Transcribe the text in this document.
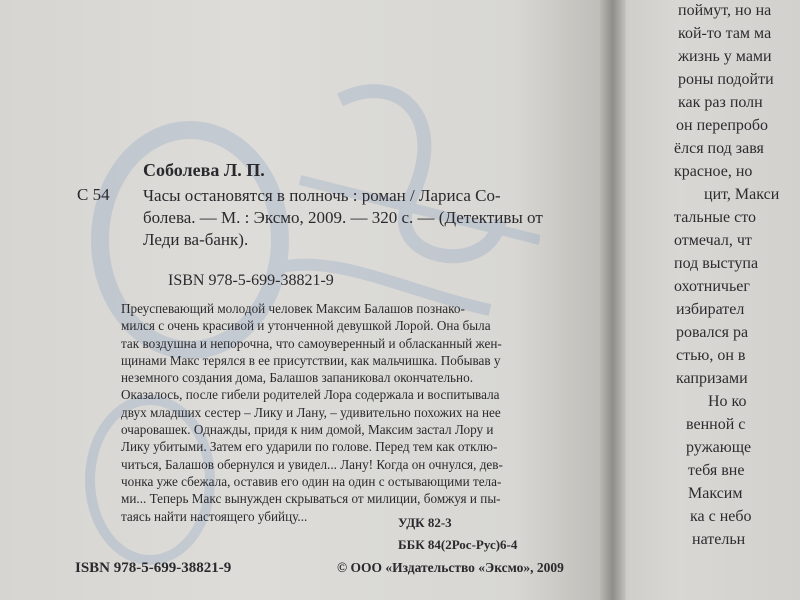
Соболева Л. П.
С 54 Часы остановятся в полночь : роман / Лариса Со-
болева. — М. : Эксмо, 2009. — 320 с. — (Детективы от
Леди ва-банк).
ISBN 978-5-699-38821-9
Преуспевающий молодой человек Максим Балашов познако-
мился с очень красивой и утонченной девушкой Лорой. Она была
так воздушна и непорочна, что самоуверенный и обласканный жен-
щинами Макс терялся в ее присутствии, как мальчишка. Побывав у
неземного создания дома, Балашов запаниковал окончательно.
Оказалось, после гибели родителей Лора содержала и воспитывала
двух младших сестер – Лику и Лану, – удивительно похожих на нее
очаровашек. Однажды, придя к ним домой, Максим застал Лору и
Лику убитыми. Затем его ударили по голове. Перед тем как отклю-
читься, Балашов обернулся и увидел... Лану! Когда он очнулся, дев-
чонка уже сбежала, оставив его один на один с остывающими тела-
ми... Теперь Макс вынужден скрываться от милиции, бомжуя и пы-
таясь найти настоящего убийцу...	УДК 82-3
ББК 84(2Рос-Рус)6-4
ISBN 978-5-699-38821-9	© ООО «Издательство «Эксмо», 2009
поймут, но на
кой-то там ма
жизнь у мами
роны подойти
как раз полн
он перепробо
ёлся под завя
красное, но
цит, Макси
тальные сто
отмечал, чт
под выступа
охотничьег
избирател
ровался ра
стью, он в
капризами
Но ко
венной с
ружающе
тебя вне
Максим
ка с небо
нательн
